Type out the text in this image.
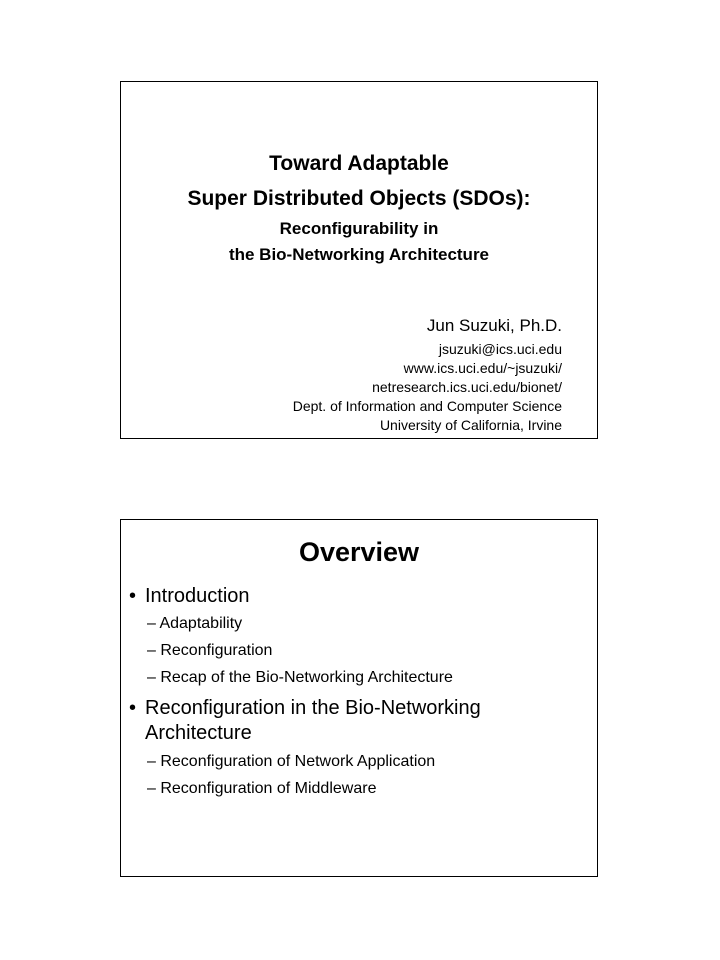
Toward Adaptable
Super Distributed Objects (SDOs):
Reconfigurability in
the Bio-Networking Architecture
Jun Suzuki, Ph.D.
jsuzuki@ics.uci.edu
www.ics.uci.edu/~jsuzuki/
netresearch.ics.uci.edu/bionet/
Dept. of Information and Computer Science
University of California, Irvine
Overview
• Introduction
– Adaptability
– Reconfiguration
– Recap of the Bio-Networking Architecture
• Reconfiguration in the Bio-Networking
Architecture
– Reconfiguration of Network Application
– Reconfiguration of Middleware
